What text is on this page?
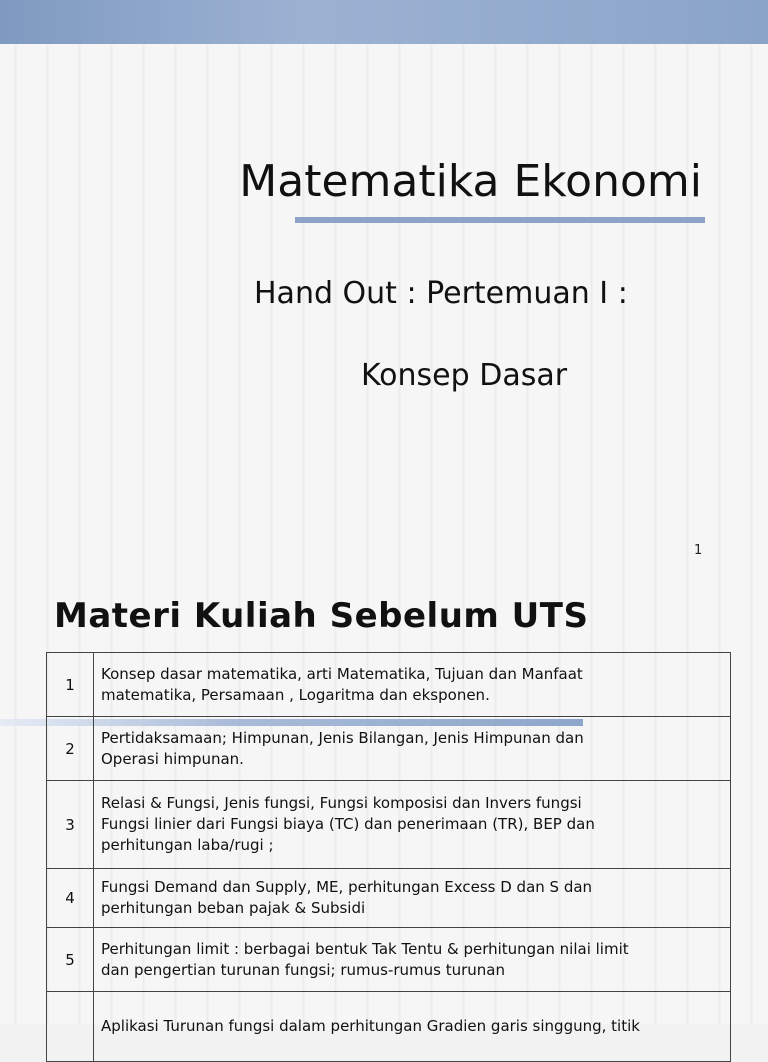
Matematika Ekonomi
Hand Out : Pertemuan I :
Konsep Dasar
1
Materi Kuliah Sebelum UTS
1	Konsep dasar matematika, arti Matematika, Tujuan dan Manfaat
matematika, Persamaan , Logaritma dan eksponen.

2	Pertidaksamaan; Himpunan, Jenis Bilangan, Jenis Himpunan dan
Operasi himpunan.

3	Relasi & Fungsi, Jenis fungsi, Fungsi komposisi dan Invers fungsi
Fungsi linier dari Fungsi biaya (TC) dan penerimaan (TR), BEP dan
perhitungan laba/rugi ;

4	Fungsi Demand dan Supply, ME, perhitungan Excess D dan S dan
perhitungan beban pajak & Subsidi

5	Perhitungan limit : berbagai bentuk Tak Tentu & perhitungan nilai limit
dan pengertian turunan fungsi; rumus-rumus turunan

	Aplikasi Turunan fungsi dalam perhitungan Gradien garis singgung, titik
